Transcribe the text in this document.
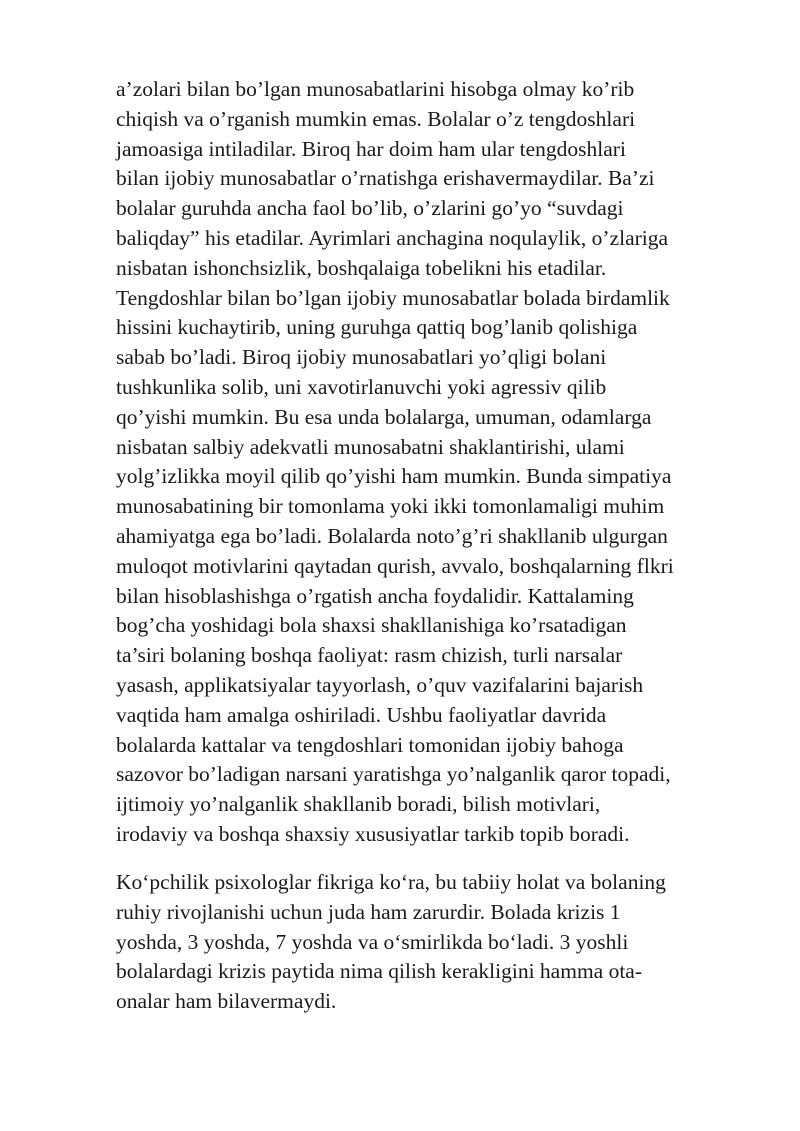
a’zolari bilan bo’lgan munosabatlarini hisobga olmay ko’rib
chiqish va o’rganish mumkin emas. Bolalar o’z tengdoshlari
jamoasiga intiladilar. Biroq har doim ham ular tengdoshlari
bilan ijobiy munosabatlar o’rnatishga erishavermaydilar. Ba’zi
bolalar guruhda ancha faol bo’lib, o’zlarini go’yo “suvdagi
baliqday” his etadilar. Ayrimlari anchagina noqulaylik, o’zlariga
nisbatan ishonchsizlik, boshqalaiga tobelikni his etadilar.
Tengdoshlar bilan bo’lgan ijobiy munosabatlar bolada birdamlik
hissini kuchaytirib, uning guruhga qattiq bog’lanib qolishiga
sabab bo’ladi. Biroq ijobiy munosabatlari yo’qligi bolani
tushkunlika solib, uni xavotirlanuvchi yoki agressiv qilib
qo’yishi mumkin. Bu esa unda bolalarga, umuman, odamlarga
nisbatan salbiy adekvatli munosabatni shaklantirishi, ulami
yolg’izlikka moyil qilib qo’yishi ham mumkin. Bunda simpatiya
munosabatining bir tomonlama yoki ikki tomonlamaligi muhim
ahamiyatga ega bo’ladi. Bolalarda noto’g’ri shakllanib ulgurgan
muloqot motivlarini qaytadan qurish, avvalo, boshqalarning flkri
bilan hisoblashishga o’rgatish ancha foydalidir. Kattalaming
bog’cha yoshidagi bola shaxsi shakllanishiga ko’rsatadigan
ta’siri bolaning boshqa faoliyat: rasm chizish, turli narsalar
yasash, applikatsiyalar tayyorlash, o’quv vazifalarini bajarish
vaqtida ham amalga oshiriladi. Ushbu faoliyatlar davrida
bolalarda kattalar va tengdoshlari tomonidan ijobiy bahoga
sazovor bo’ladigan narsani yaratishga yo’nalganlik qaror topadi,
ijtimoiy yo’nalganlik shakllanib boradi, bilish motivlari,
irodaviy va boshqa shaxsiy xususiyatlar tarkib topib boradi.
Ko‘pchilik psixologlar fikriga ko‘ra, bu tabiiy holat va bolaning
ruhiy rivojlanishi uchun juda ham zarurdir. Bolada krizis 1
yoshda, 3 yoshda, 7 yoshda va o‘smirlikda bo‘ladi. 3 yoshli
bolalardagi krizis paytida nima qilish kerakligini hamma ota-
onalar ham bilavermaydi.
